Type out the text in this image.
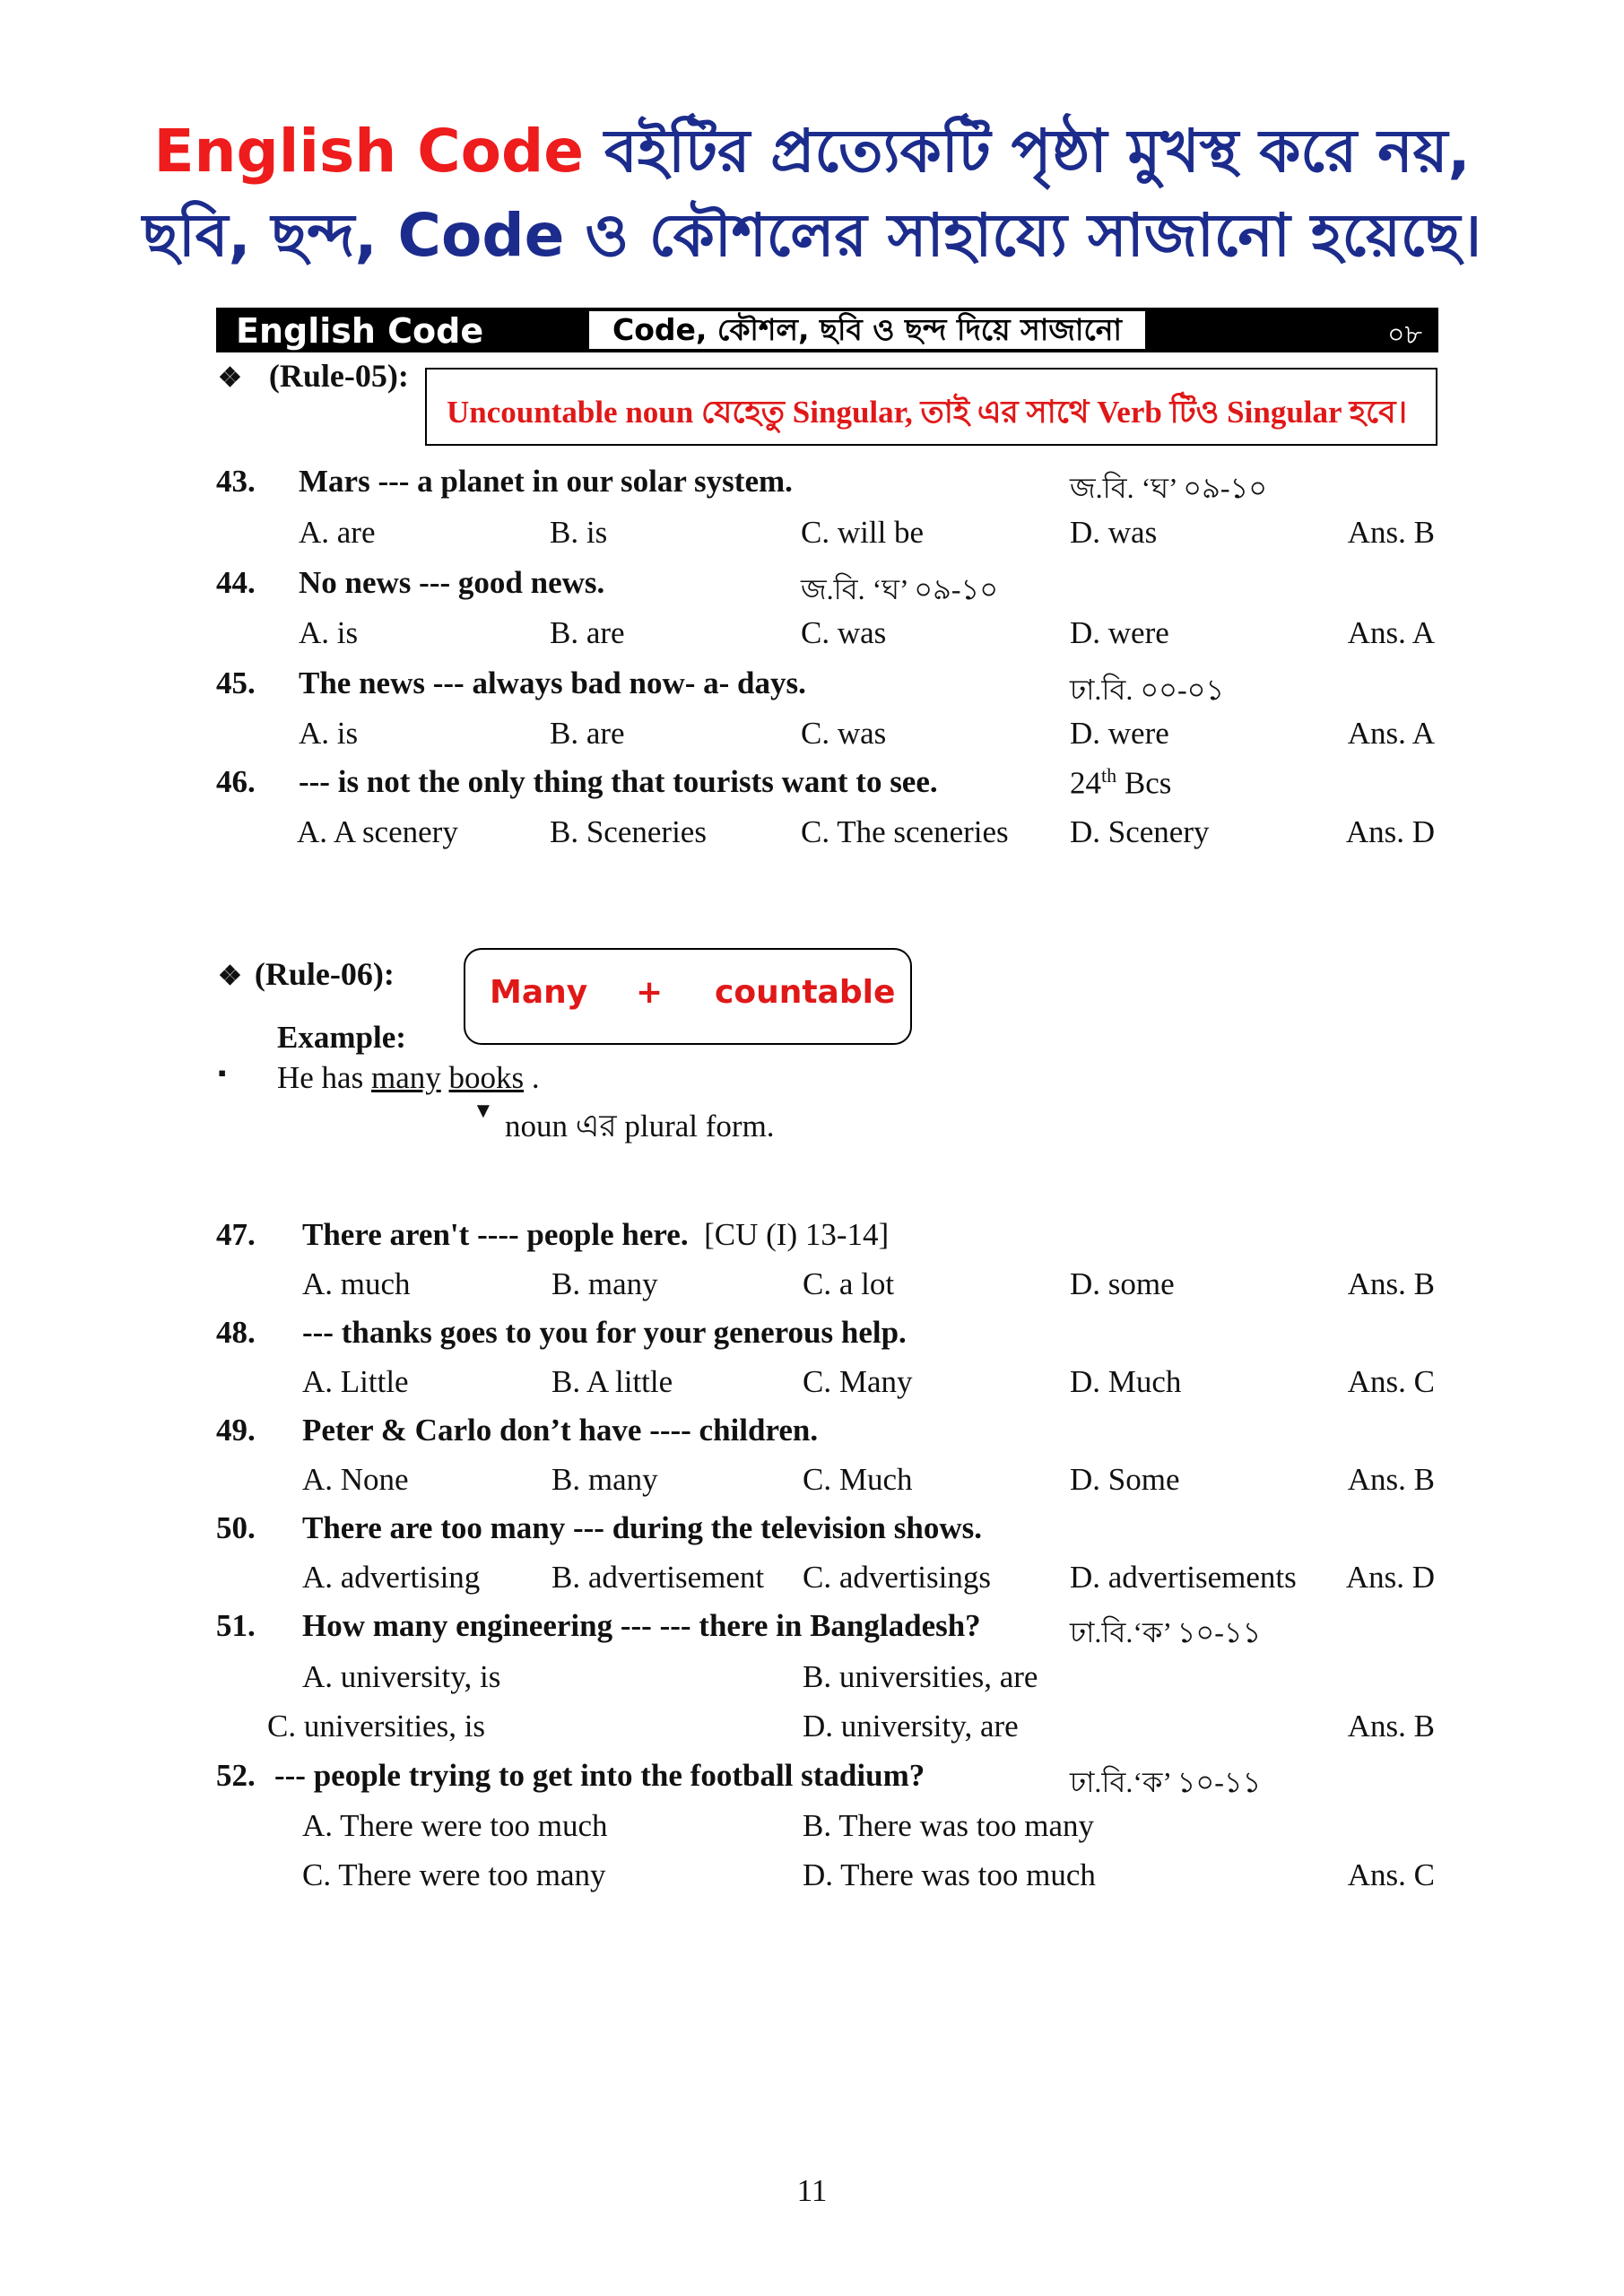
English Code বইটির প্রত্যেকটি পৃষ্ঠা মুখস্থ করে নয়,
ছবি, ছন্দ, Code ও কৌশলের সাহায্যে সাজানো হয়েছে।
English Code	Code, কৌশল, ছবি ও ছন্দ দিয়ে সাজানো	০৮
❖ (Rule-05):
Uncountable noun যেহেতু Singular, তাই এর সাথে Verb টিও Singular হবে।
43. Mars --- a planet in our solar system.	জ.বি. ‘ঘ’ ০৯-১০
A. are	B. is	C. will be	D. was	Ans. B
44. No news --- good news.	জ.বি. ‘ঘ’ ০৯-১০
A. is	B. are	C. was	D. were	Ans. A
45. The news --- always bad now- a- days.	ঢা.বি. ০০-০১
A. is	B. are	C. was	D. were	Ans. A
46. --- is not the only thing that tourists want to see.	24th Bcs
A. A scenery	B. Sceneries	C. The sceneries D. Scenery	Ans. D
❖ (Rule-06):	Many + countable
Example:
▪ He has many books .
▼ noun এর plural form.
47. There aren't ---- people here. [CU (I) 13-14]
A. much	B. many	C. a lot	D. some	Ans. B
48. --- thanks goes to you for your generous help.
A. Little	B. A little	C. Many	D. Much	Ans. C
49. Peter & Carlo don’t have ---- children.
A. None	B. many	C. Much	D. Some	Ans. B
50. There are too many --- during the television shows.
A. advertising B. advertisement C. advertisings	D. advertisements Ans. D
51. How many engineering --- --- there in Bangladesh?	ঢা.বি.‘ক’ ১০-১১
A. university, is	B. universities, are
C. universities, is	D. university, are	Ans. B
52. --- people trying to get into the football stadium?	ঢা.বি.‘ক’ ১০-১১
A. There were too much	B. There was too many
C. There were too many	D. There was too much	Ans. C
11
